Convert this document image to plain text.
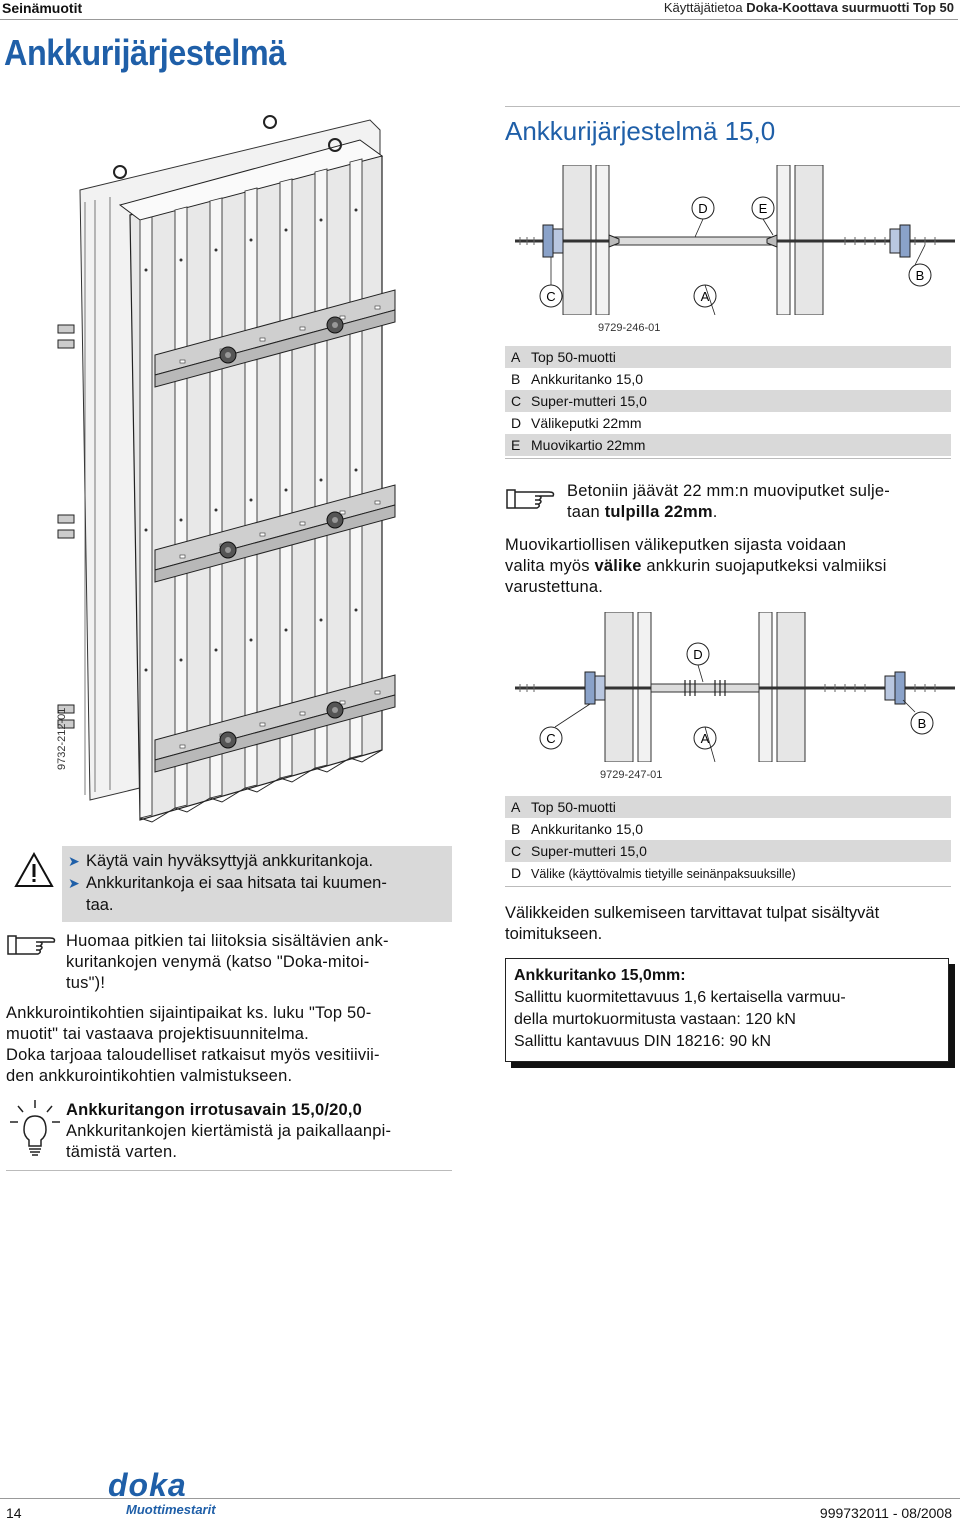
Seinämuotit	Käyttäjätietoa Doka-Koottava suurmuotti Top 50
Ankkurijärjestelmä
9732-212-01
Ankkurijärjestelmä 15,0
D	E
C	A
B
9729-246-01
A Top 50-muotti
B Ankkuritanko 15,0
C Super-mutteri 15,0
D Välikeputki 22mm
E Muovikartio 22mm
Betoniin jäävät 22 mm:n muoviputket sulje-
taan tulpilla 22mm.
Muovikartiollisen välikeputken sijasta voidaan
valita myös välike ankkurin suojaputkeksi valmiiksi
varustettuna.
D
C	A
B
9729-247-01
A Top 50-muotti
B Ankkuritanko 15,0
C Super-mutteri 15,0
D Välike (käyttövalmis tietyille seinänpaksuuksille)
Välikkeiden sulkemiseen tarvittavat tulpat sisältyvät
toimitukseen.
Ankkuritanko 15,0mm:
Sallittu kuormitettavuus 1,6 kertaisella varmuu-
della murtokuormitusta vastaan: 120 kN
Sallittu kantavuus DIN 18216: 90 kN
➤ Käytä vain hyväksyttyjä ankkuritankoja.
➤ Ankkuritankoja ei saa hitsata tai kuumen-
taa.
Huomaa pitkien tai liitoksia sisältävien ank-
kuritankojen venymä (katso "Doka-mitoi-
tus")!
Ankkurointikohtien sijaintipaikat ks. luku "Top 50-
muotit" tai vastaava projektisuunnitelma.
Doka tarjoaa taloudelliset ratkaisut myös vesitiivii-
den ankkurointikohtien valmistukseen.
Ankkuritangon irrotusavain 15,0/20,0
Ankkuritankojen kiertämistä ja paikallaanpi-
tämistä varten.
14
doka
Muottimestarit	999732011 - 08/2008
